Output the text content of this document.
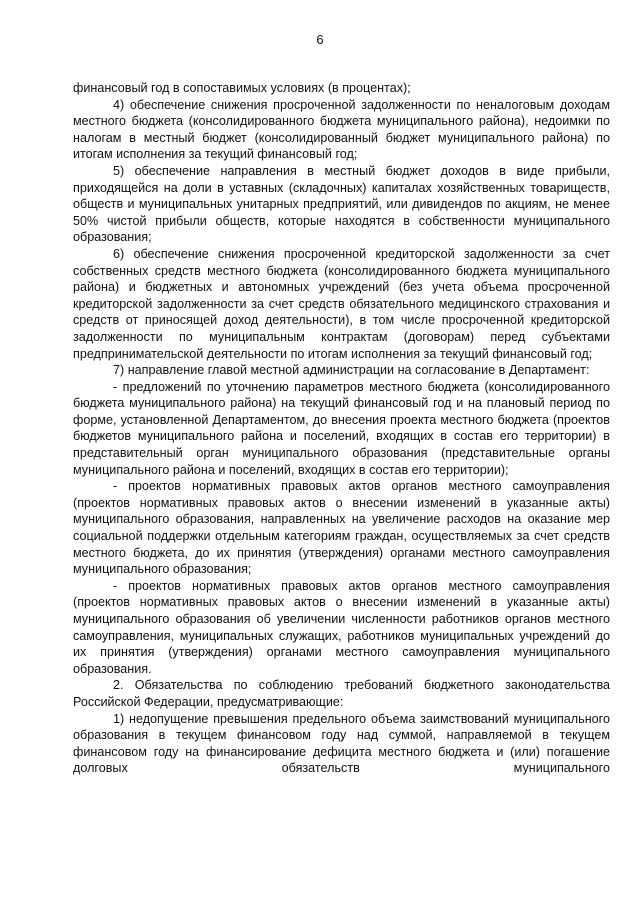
6

финансовый год в сопоставимых условиях (в процентах);

4) обеспечение снижения просроченной задолженности по неналоговым доходам местного бюджета (консолидированного бюджета муниципального района), недоимки по налогам в местный бюджет (консолидированный бюджет муниципального района) по итогам исполнения за текущий финансовый год;

5) обеспечение направления в местный бюджет доходов в виде прибыли, приходящейся на доли в уставных (складочных) капиталах хозяйственных товариществ, обществ и муниципальных унитарных предприятий, или дивидендов по акциям, не менее 50% чистой прибыли обществ, которые находятся в собственности муниципального образования;

6) обеспечение снижения просроченной кредиторской задолженности за счет собственных средств местного бюджета (консолидированного бюджета муниципального района) и бюджетных и автономных учреждений (без учета объема просроченной кредиторской задолженности за счет средств обязательного медицинского страхования и средств от приносящей доход деятельности), в том числе просроченной кредиторской задолженности по муниципальным контрактам (договорам) перед субъектами предпринимательской деятельности по итогам исполнения за текущий финансовый год;

7) направление главой местной администрации на согласование в Департамент:

- предложений по уточнению параметров местного бюджета (консолидированного бюджета муниципального района) на текущий финансовый год и на плановый период по форме, установленной Департаментом, до внесения проекта местного бюджета (проектов бюджетов муниципального района и поселений, входящих в состав его территории) в представительный орган муниципального образования (представительные органы муниципального района и поселений, входящих в состав его территории);

- проектов нормативных правовых актов органов местного самоуправления (проектов нормативных правовых актов о внесении изменений в указанные акты) муниципального образования, направленных на увеличение расходов на оказание мер социальной поддержки отдельным категориям граждан, осуществляемых за счет средств местного бюджета, до их принятия (утверждения) органами местного самоуправления муниципального образования;

- проектов нормативных правовых актов органов местного самоуправления (проектов нормативных правовых актов о внесении изменений в указанные акты) муниципального образования об увеличении численности работников органов местного самоуправления, муниципальных служащих, работников муниципальных учреждений до их принятия (утверждения) органами местного самоуправления муниципального образования.

2. Обязательства по соблюдению требований бюджетного законодательства Российской Федерации, предусматривающие:

1) недопущение превышения предельного объема заимствований муниципального образования в текущем финансовом году над суммой, направляемой в текущем финансовом году на финансирование дефицита местного бюджета и (или) погашение долговых обязательств муниципального
